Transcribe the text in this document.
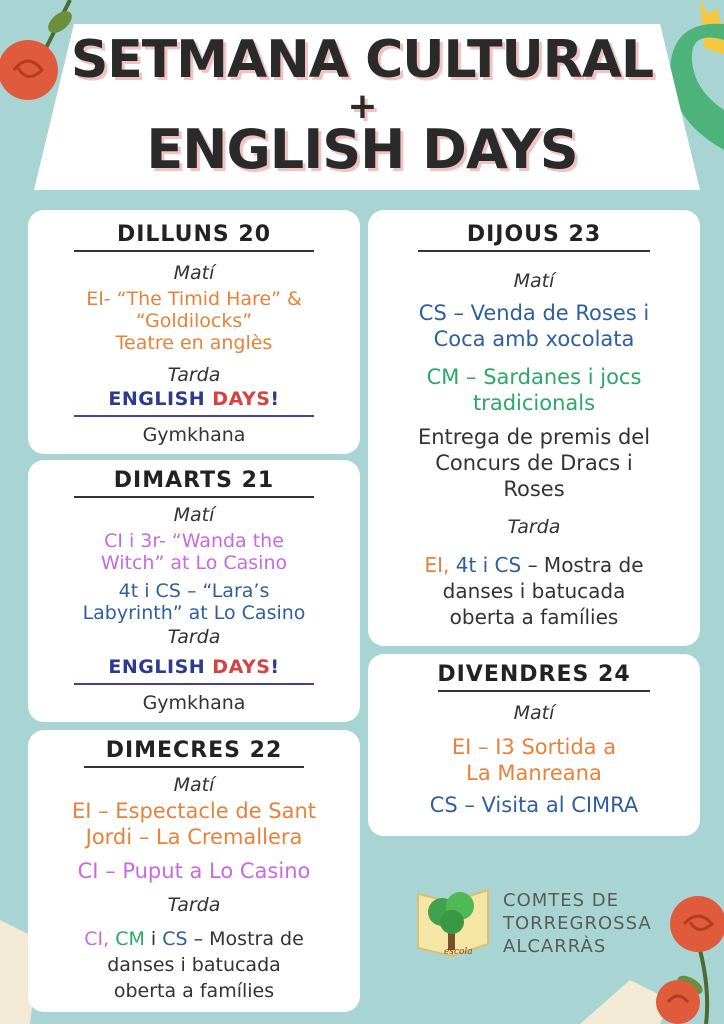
SETMANA CULTURAL
+
ENGLISH DAYS
DILLUNS 20
Matí
EI- “The Timid Hare” &
“Goldilocks”
Teatre en anglès
Tarda
ENGLISH DAYS!
Gymkhana
DIMARTS 21
Matí
CI i 3r- “Wanda the
Witch” at Lo Casino
4t i CS – “Lara’s
Labyrinth” at Lo Casino
Tarda
ENGLISH DAYS!
Gymkhana
DIMECRES 22
Matí
EI – Espectacle de Sant
Jordi – La Cremallera
CI – Puput a Lo Casino
Tarda
CI, CM i CS – Mostra de
danses i batucada
oberta a famílies
DIJOUS 23
Matí
CS – Venda de Roses i
Coca amb xocolata
CM – Sardanes i jocs
tradicionals
Entrega de premis del
Concurs de Dracs i
Roses
Tarda
EI, 4t i CS – Mostra de
danses i batucada
oberta a famílies
DIVENDRES 24
Matí
EI – I3 Sortida a
La Manreana
CS – Visita al CIMRA
escola
COMTES DE
TORREGROSSA
ALCARRÀS
